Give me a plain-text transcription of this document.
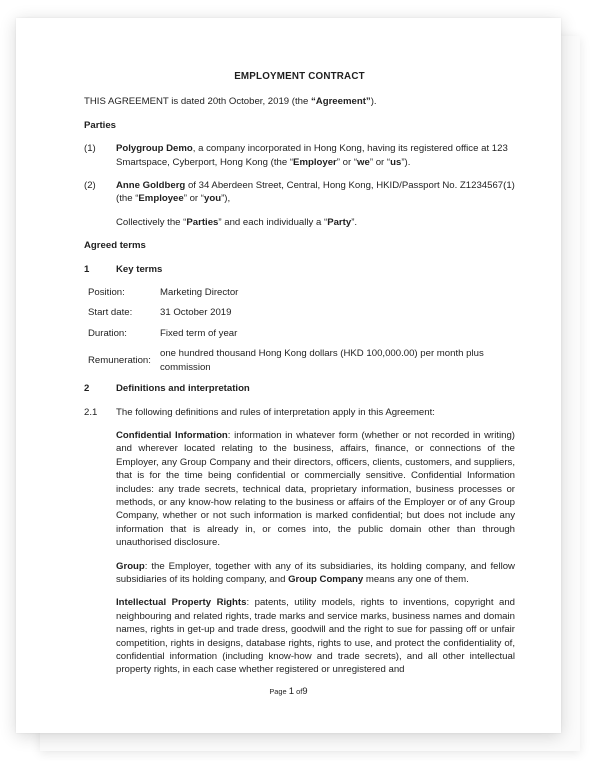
EMPLOYMENT CONTRACT
THIS AGREEMENT is dated 20th October, 2019 (the “Agreement”).
Parties
(1)	Polygroup Demo, a company incorporated in Hong Kong, having its registered office at 123 Smartspace, Cyberport, Hong Kong (the “Employer” or “we” or “us”).
(2)	Anne Goldberg of 34 Aberdeen Street, Central, Hong Kong, HKID/Passport No. Z1234567(1) (the “Employee” or “you”),
Collectively the “Parties” and each individually a “Party”.
Agreed terms
1	Key terms
Position:	Marketing Director
Start date:	31 October 2019
Duration:	Fixed term of year
Remuneration:
one hundred thousand Hong Kong dollars (HKD 100,000.00) per month plus commission
2	Definitions and interpretation
2.1	The following definitions and rules of interpretation apply in this Agreement:
Confidential Information: information in whatever form (whether or not recorded in writing) and wherever located relating to the business, affairs, finance, or connections of the Employer, any Group Company and their directors, officers, clients, customers, and suppliers, that is for the time being confidential or commercially sensitive. Confidential Information includes: any trade secrets, technical data, proprietary information, business processes or methods, or any know-how relating to the business or affairs of the Employer or of any Group Company, whether or not such information is marked confidential; but does not include any information that is already in, or comes into, the public domain other than through unauthorised disclosure.
Group: the Employer, together with any of its subsidiaries, its holding company, and fellow subsidiaries of its holding company, and Group Company means any one of them.
Intellectual Property Rights: patents, utility models, rights to inventions, copyright and neighbouring and related rights, trade marks and service marks, business names and domain names, rights in get-up and trade dress, goodwill and the right to sue for passing off or unfair competition, rights in designs, database rights, rights to use, and protect the confidentiality of, confidential information (including know-how and trade secrets), and all other intellectual property rights, in each case whether registered or unregistered and
Page 1 of9
